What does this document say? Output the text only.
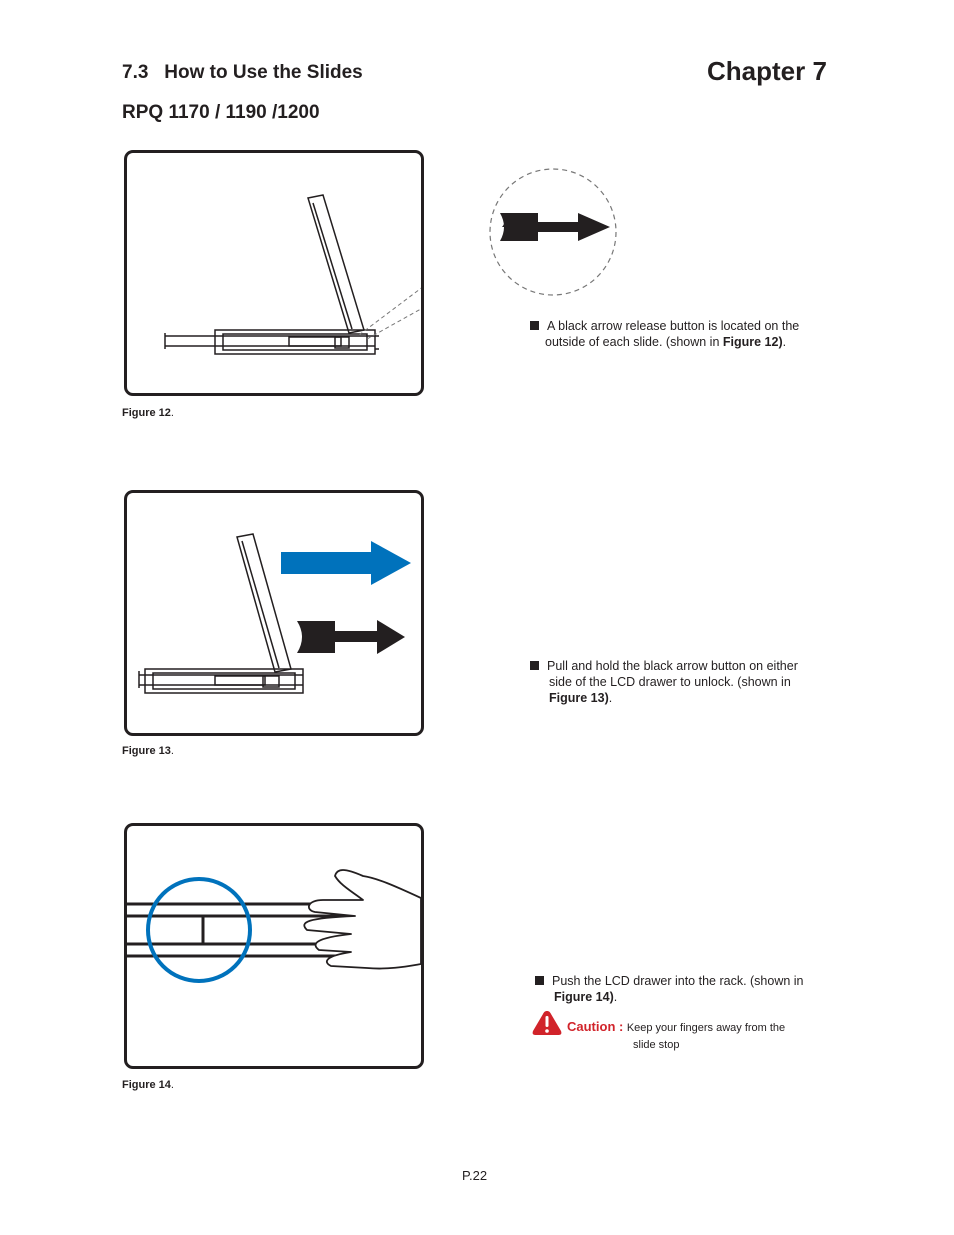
7.3 How to Use the Slides	Chapter 7
RPQ 1170 / 1190 /1200
A black arrow release button is located on the
outside of each slide. (shown in Figure 12).
Figure 12.
Pull and hold the black arrow button on either
side of the LCD drawer to unlock. (shown in
Figure 13).
Figure 13.
Push the LCD drawer into the rack. (shown in
Figure 14).
Caution : Keep your fingers away from the
slide stop
Figure 14.
P.22
